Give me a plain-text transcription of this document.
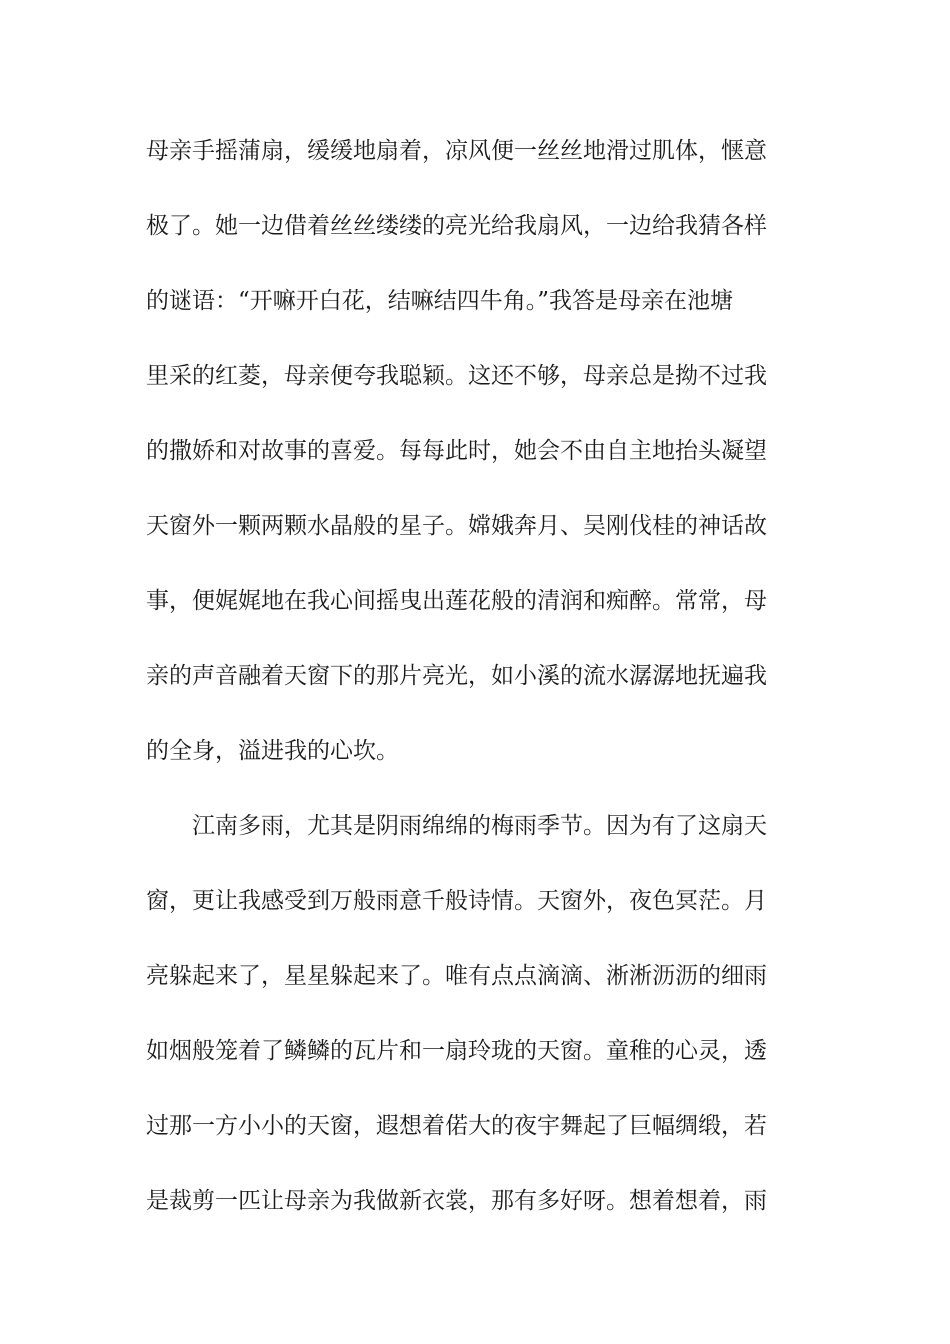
母亲手摇蒲扇，缓缓地扇着，凉风便一丝丝地滑过肌体，惬意
极了。她一边借着丝丝缕缕的亮光给我扇风，一边给我猜各样
的谜语：“开嘛开白花，结嘛结四牛角。”我答是母亲在池塘
里采的红菱，母亲便夸我聪颖。这还不够，母亲总是拗不过我
的撒娇和对故事的喜爱。每每此时，她会不由自主地抬头凝望
天窗外一颗两颗水晶般的星子。嫦娥奔月、吴刚伐桂的神话故
事，便娓娓地在我心间摇曳出莲花般的清润和痴醉。常常，母
亲的声音融着天窗下的那片亮光，如小溪的流水潺潺地抚遍我
的全身，溢进我的心坎。
江南多雨，尤其是阴雨绵绵的梅雨季节。因为有了这扇天
窗，更让我感受到万般雨意千般诗情。天窗外，夜色冥茫。月
亮躲起来了，星星躲起来了。唯有点点滴滴、淅淅沥沥的细雨
如烟般笼着了鳞鳞的瓦片和一扇玲珑的天窗。童稚的心灵，透
过那一方小小的天窗，遐想着偌大的夜宇舞起了巨幅绸缎，若
是裁剪一匹让母亲为我做新衣裳，那有多好呀。想着想着，雨
